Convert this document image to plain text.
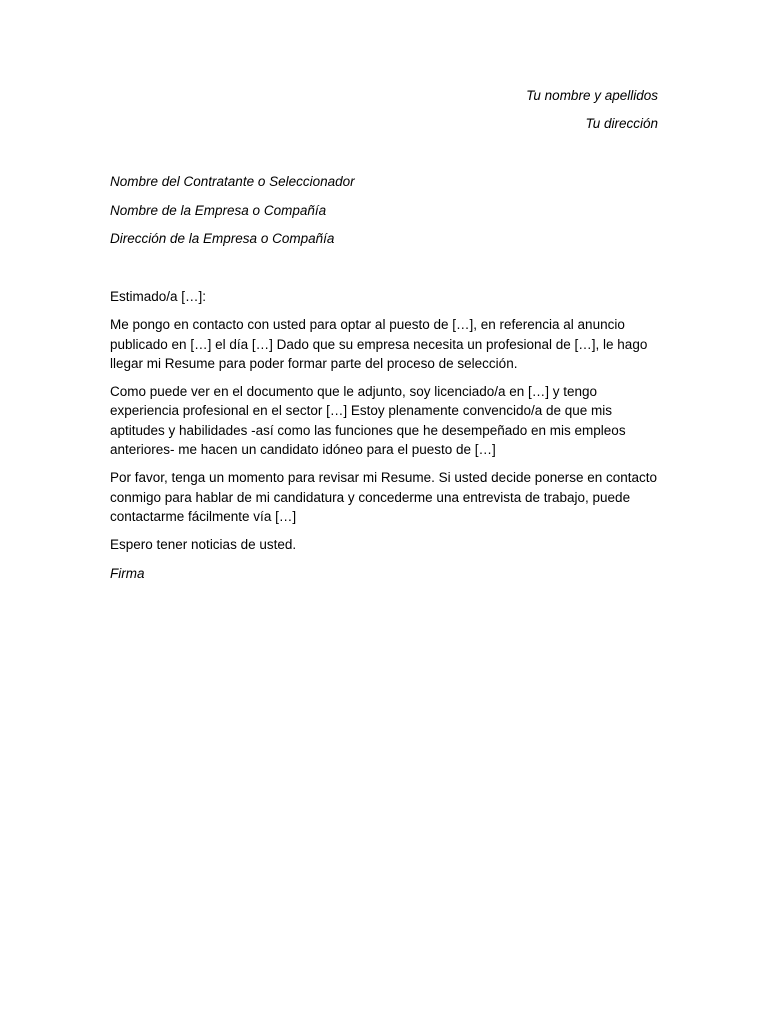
Tu nombre y apellidos
Tu dirección
Nombre del Contratante o Seleccionador
Nombre de la Empresa o Compañía
Dirección de la Empresa o Compañía

Estimado/a […]:

Me pongo en contacto con usted para optar al puesto de […], en referencia al anuncio publicado en […] el día […] Dado que su empresa necesita un profesional de […], le hago llegar mi Resume para poder formar parte del proceso de selección.

Como puede ver en el documento que le adjunto, soy licenciado/a en […] y tengo experiencia profesional en el sector […] Estoy plenamente convencido/a de que mis aptitudes y habilidades -así como las funciones que he desempeñado en mis empleos anteriores- me hacen un candidato idóneo para el puesto de […]

Por favor, tenga un momento para revisar mi Resume. Si usted decide ponerse en contacto conmigo para hablar de mi candidatura y concederme una entrevista de trabajo, puede contactarme fácilmente vía […]

Espero tener noticias de usted.

Firma
